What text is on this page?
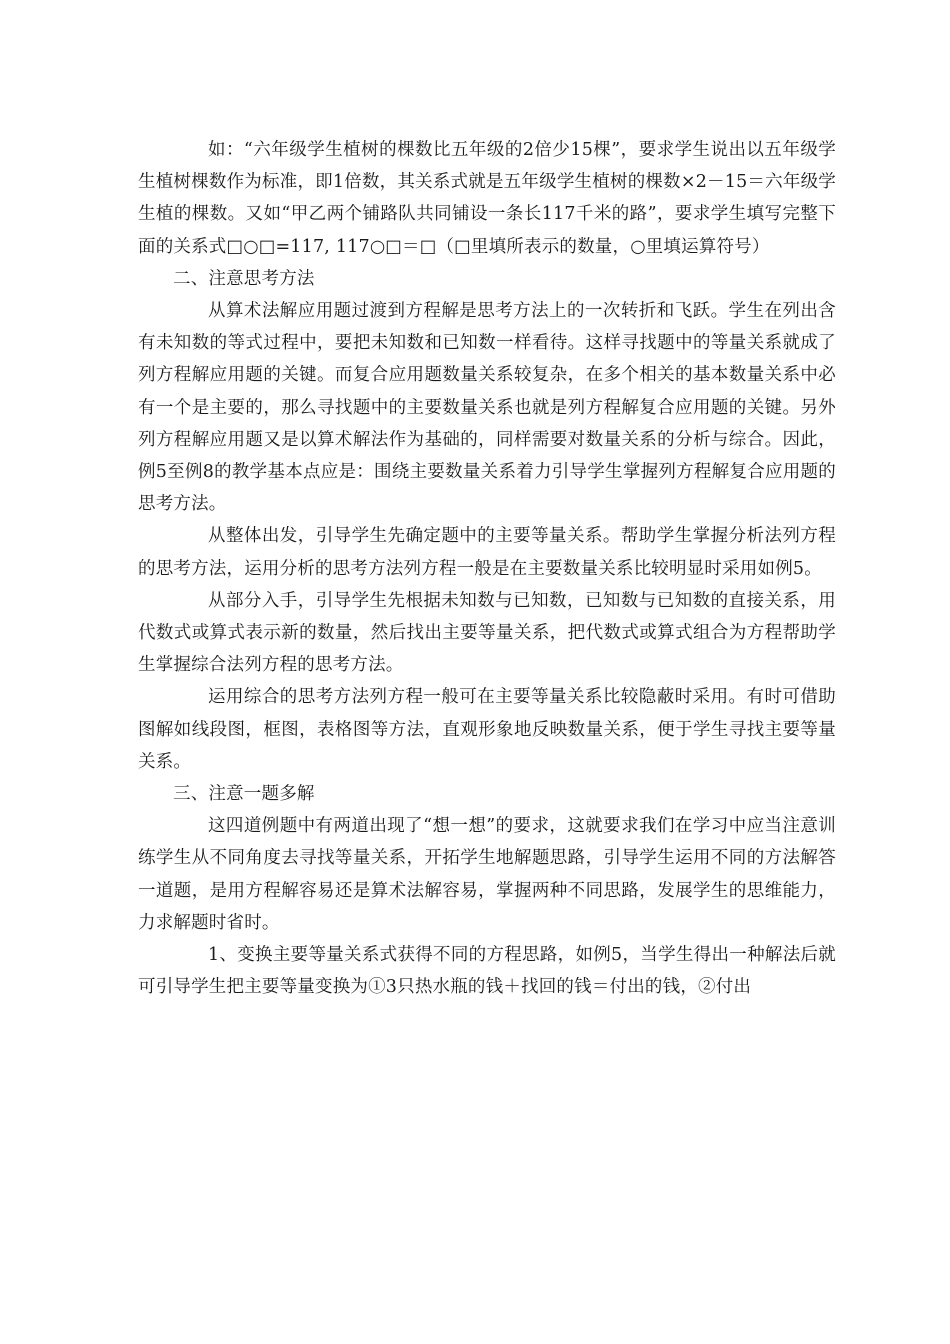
如：“六年级学生植树的棵数比五年级的2倍少15棵”，要求学生说出以五年级学生植树棵数作为标准，即1倍数，其关系式就是五年级学生植树的棵数×2－15＝六年级学生植的棵数。又如“甲乙两个铺路队共同铺设一条长117千米的路”，要求学生填写完整下面的关系式□○□=117, 117○□＝□（□里填所表示的数量，○里填运算符号）

二、注意思考方法

从算术法解应用题过渡到方程解是思考方法上的一次转折和飞跃。学生在列出含有未知数的等式过程中，要把未知数和已知数一样看待。这样寻找题中的等量关系就成了列方程解应用题的关键。而复合应用题数量关系较复杂，在多个相关的基本数量关系中必有一个是主要的，那么寻找题中的主要数量关系也就是列方程解复合应用题的关键。另外列方程解应用题又是以算术解法作为基础的，同样需要对数量关系的分析与综合。因此，例5至例8的教学基本点应是：围绕主要数量关系着力引导学生掌握列方程解复合应用题的思考方法。

从整体出发，引导学生先确定题中的主要等量关系。帮助学生掌握分析法列方程的思考方法，运用分析的思考方法列方程一般是在主要数量关系比较明显时采用如例5。

从部分入手，引导学生先根据未知数与已知数，已知数与已知数的直接关系，用代数式或算式表示新的数量，然后找出主要等量关系，把代数式或算式组合为方程帮助学生掌握综合法列方程的思考方法。

运用综合的思考方法列方程一般可在主要等量关系比较隐蔽时采用。有时可借助图解如线段图，框图，表格图等方法，直观形象地反映数量关系，便于学生寻找主要等量关系。

三、注意一题多解

这四道例题中有两道出现了“想一想”的要求，这就要求我们在学习中应当注意训练学生从不同角度去寻找等量关系，开拓学生地解题思路，引导学生运用不同的方法解答一道题，是用方程解容易还是算术法解容易，掌握两种不同思路，发展学生的思维能力，力求解题时省时。

1、变换主要等量关系式获得不同的方程思路，如例5，当学生得出一种解法后就可引导学生把主要等量变换为①3只热水瓶的钱＋找回的钱＝付出的钱，②付出
